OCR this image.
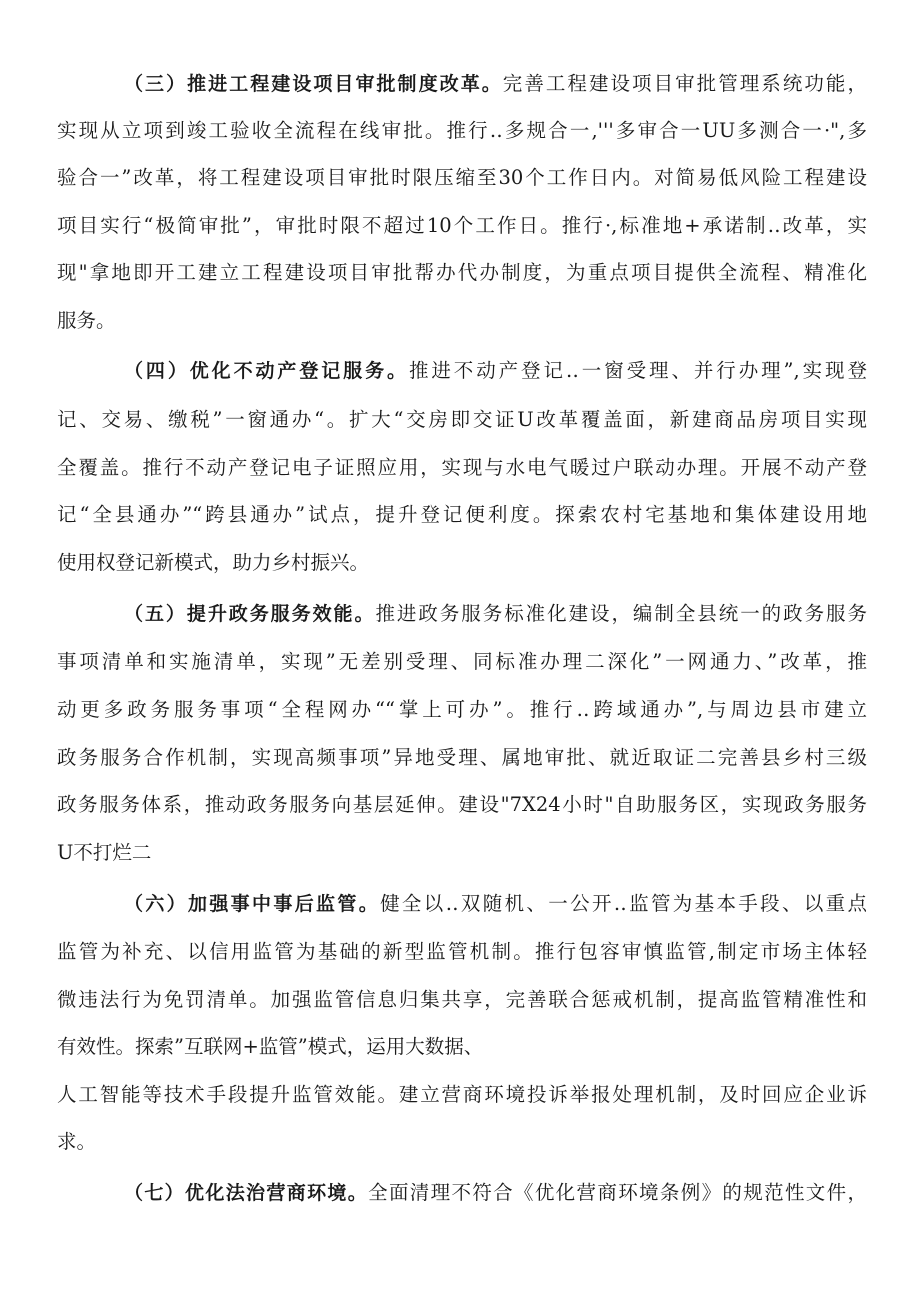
（三）推进工程建设项目审批制度改革。完善工程建设项目审批管理系统功能，
实现从立项到竣工验收全流程在线审批。推行‥多规合一,'''多审合一UU多测合一·",多
验合一”改革，将工程建设项目审批时限压缩至30个工作日内。对简易低风险工程建设
项目实行“极简审批”，审批时限不超过10个工作日。推行·,标准地+承诺制‥改革，实
现"拿地即开工建立工程建设项目审批帮办代办制度，为重点项目提供全流程、精准化
服务。
（四）优化不动产登记服务。推进不动产登记‥一窗受理、并行办理”,实现登
记、交易、缴税”一窗通办“。扩大“交房即交证U改革覆盖面，新建商品房项目实现
全覆盖。推行不动产登记电子证照应用，实现与水电气暖过户联动办理。开展不动产登
记“全县通办”“跨县通办”试点，提升登记便利度。探索农村宅基地和集体建设用地
使用权登记新模式，助力乡村振兴。
（五）提升政务服务效能。推进政务服务标准化建设，编制全县统一的政务服务
事项清单和实施清单，实现”无差别受理、同标准办理二深化”一网通力、”改革，推
动更多政务服务事项“全程网办““掌上可办”。推行‥跨域通办”,与周边县市建立
政务服务合作机制，实现高频事项”异地受理、属地审批、就近取证二完善县乡村三级
政务服务体系，推动政务服务向基层延伸。建设"7X24小时"自助服务区，实现政务服务
U不打烂二
（六）加强事中事后监管。健全以‥双随机、一公开‥监管为基本手段、以重点
监管为补充、以信用监管为基础的新型监管机制。推行包容审慎监管,制定市场主体轻
微违法行为免罚清单。加强监管信息归集共享，完善联合惩戒机制，提高监管精准性和
有效性。探索”互联网+监管”模式，运用大数据、
人工智能等技术手段提升监管效能。建立营商环境投诉举报处理机制，及时回应企业诉
求。
（七）优化法治营商环境。全面清理不符合《优化营商环境条例》的规范性文件，
